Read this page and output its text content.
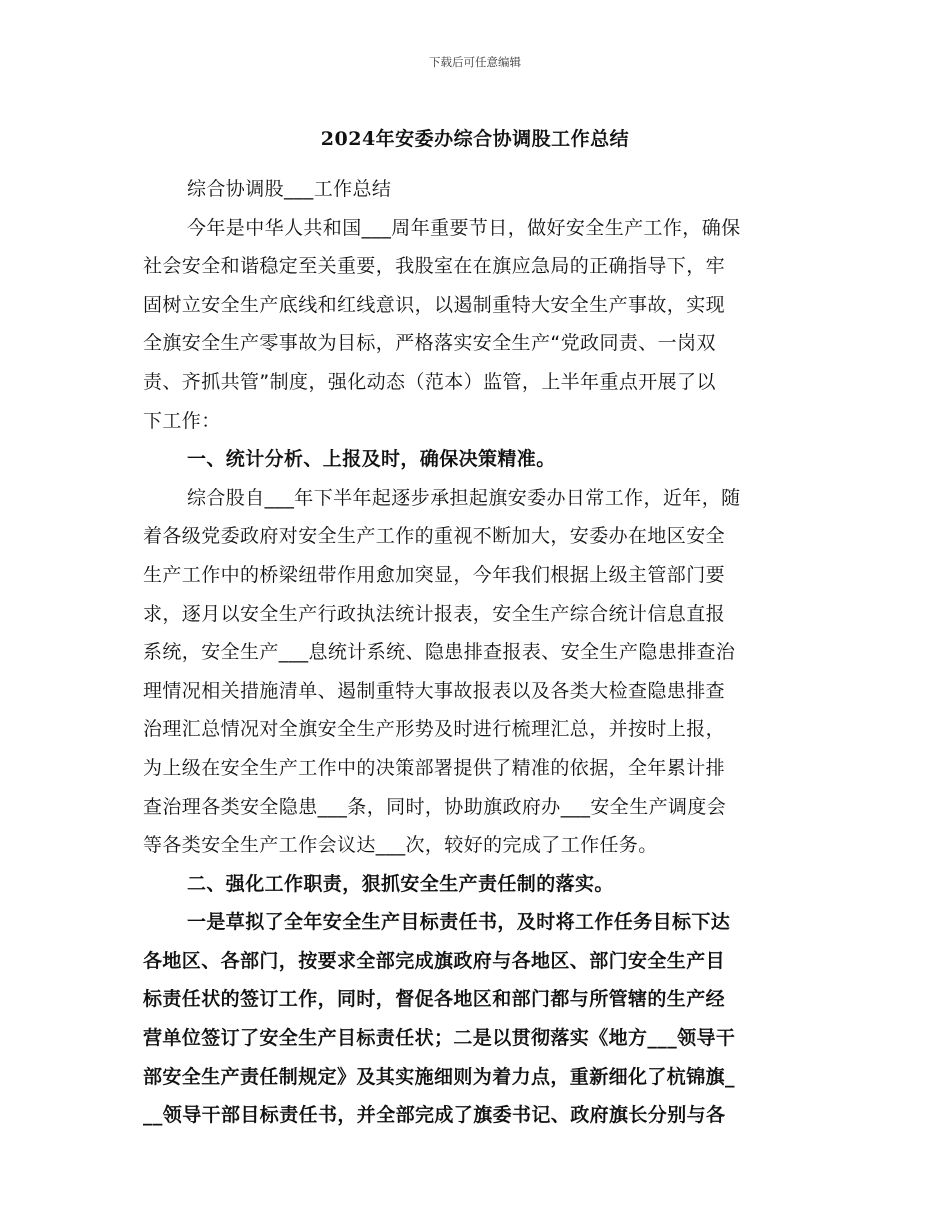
下载后可任意编辑
2024年安委办综合协调股工作总结
综合协调股___工作总结
今年是中华人共和国___周年重要节日，做好安全生产工作，确保
社会安全和谐稳定至关重要，我股室在在旗应急局的正确指导下，牢
固树立安全生产底线和红线意识，以遏制重特大安全生产事故，实现
全旗安全生产零事故为目标，严格落实安全生产“党政同责、一岗双
责、齐抓共管”制度，强化动态（范本）监管，上半年重点开展了以
下工作：
一、统计分析、上报及时，确保决策精准。
综合股自___年下半年起逐步承担起旗安委办日常工作，近年，随
着各级党委政府对安全生产工作的重视不断加大，安委办在地区安全
生产工作中的桥梁纽带作用愈加突显，今年我们根据上级主管部门要
求，逐月以安全生产行政执法统计报表，安全生产综合统计信息直报
系统，安全生产___息统计系统、隐患排查报表、安全生产隐患排查治
理情况相关措施清单、遏制重特大事故报表以及各类大检查隐患排查
治理汇总情况对全旗安全生产形势及时进行梳理汇总，并按时上报，
为上级在安全生产工作中的决策部署提供了精准的依据，全年累计排
查治理各类安全隐患___条，同时，协助旗政府办___安全生产调度会
等各类安全生产工作会议达___次，较好的完成了工作任务。
二、强化工作职责，狠抓安全生产责任制的落实。
一是草拟了全年安全生产目标责任书，及时将工作任务目标下达
各地区、各部门，按要求全部完成旗政府与各地区、部门安全生产目
标责任状的签订工作，同时，督促各地区和部门都与所管辖的生产经
营单位签订了安全生产目标责任状；二是以贯彻落实《地方___领导干
部安全生产责任制规定》及其实施细则为着力点，重新细化了杭锦旗_
__领导干部目标责任书，并全部完成了旗委书记、政府旗长分别与各
